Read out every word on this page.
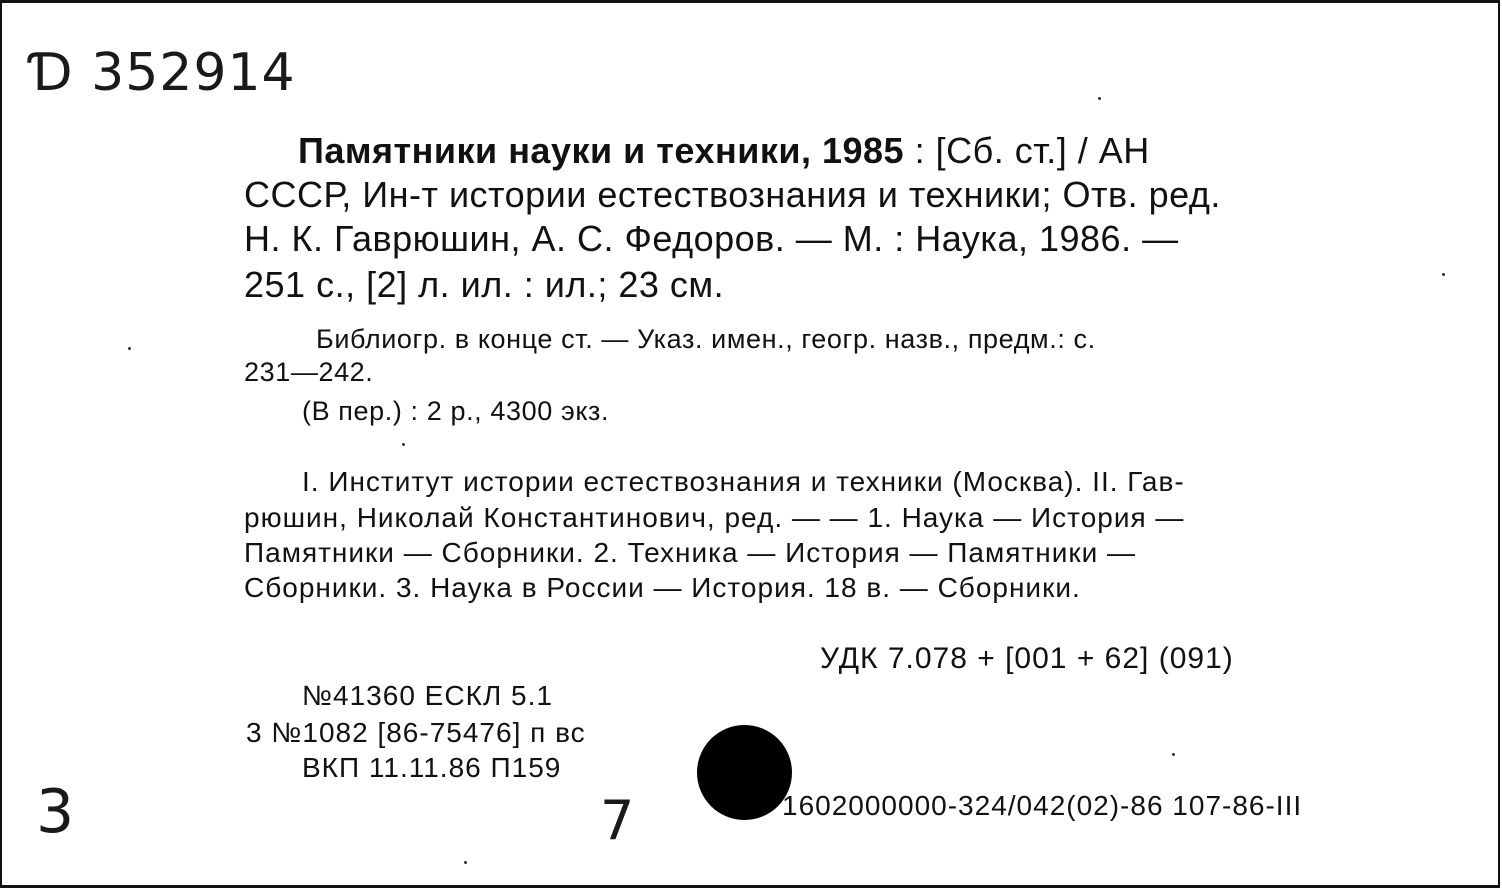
Ɗ 352914
Памятники науки и техники, 1985 : [Сб. ст.] / АН
СССР, Ин-т истории естествознания и техники; Отв. ред.
Н. К. Гаврюшин, А. С. Федоров. — М. : Наука, 1986. —
251 с., [2] л. ил. : ил.; 23 см.
Библиогр. в конце ст. — Указ. имен., геогр. назв., предм.: с.
231—242.
(В пер.) : 2 р., 4300 экз.
I. Институт истории естествознания и техники (Москва). II. Гав-
рюшин, Николай Константинович, ред. — — 1. Наука — История —
Памятники — Сборники. 2. Техника — История — Памятники —
Сборники. 3. Наука в России — История. 18 в. — Сборники.
УДК 7.078 + [001 + 62] (091)
№41360 ЕСКЛ 5.1
3 №1082 [86-75476] п вс
ВКП 11.11.86 П159
1602000000-324/042(02)-86 107-86-III
3	7
